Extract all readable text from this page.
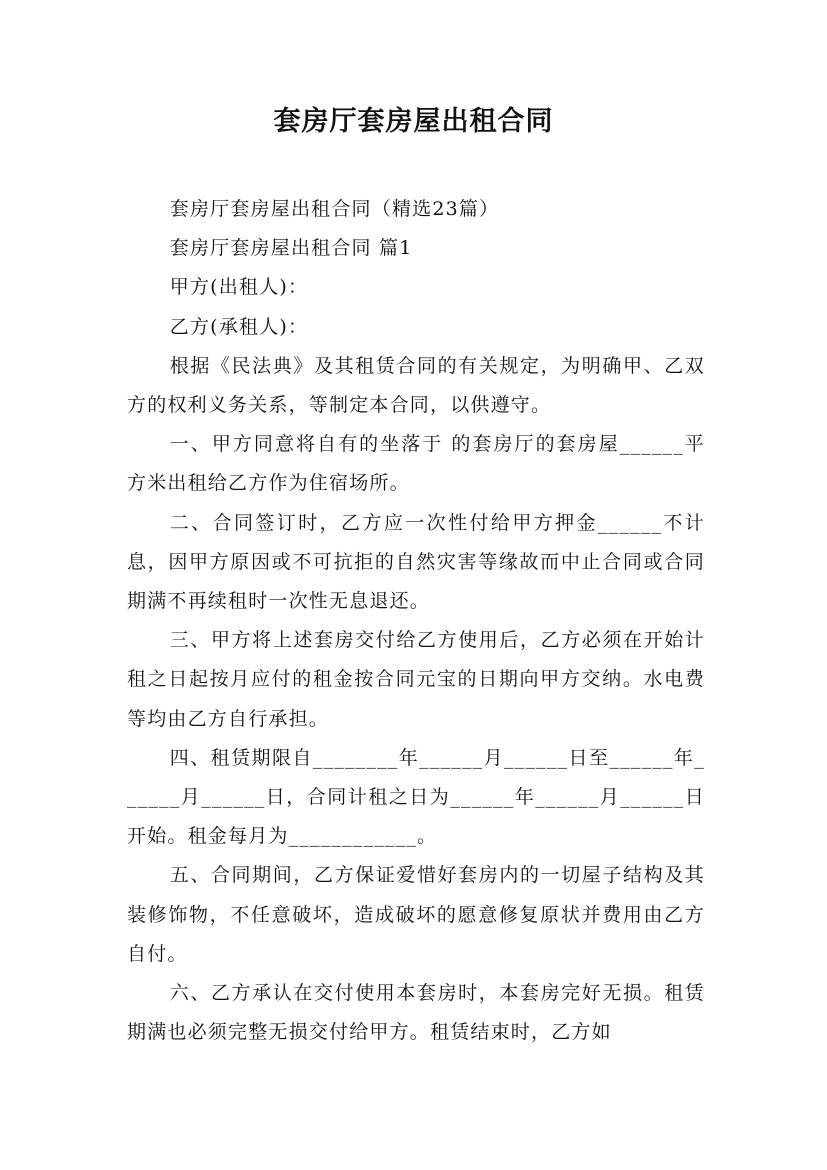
套房厅套房屋出租合同

套房厅套房屋出租合同（精选23篇）

套房厅套房屋出租合同 篇1

甲方(出租人)：

乙方(承租人)：

根据《民法典》及其租赁合同的有关规定，为明确甲、乙双方的权利义务关系，等制定本合同，以供遵守。

一、甲方同意将自有的坐落于 的套房厅的套房屋______平方米出租给乙方作为住宿场所。

二、合同签订时，乙方应一次性付给甲方押金______不计息，因甲方原因或不可抗拒的自然灾害等缘故而中止合同或合同期满不再续租时一次性无息退还。

三、甲方将上述套房交付给乙方使用后，乙方必须在开始计租之日起按月应付的租金按合同元宝的日期向甲方交纳。水电费等均由乙方自行承担。

四、租赁期限自________年______月______日至______年______月______日，合同计租之日为______年______月______日开始。租金每月为____________。

五、合同期间，乙方保证爱惜好套房内的一切屋子结构及其装修饰物，不任意破坏，造成破坏的愿意修复原状并费用由乙方自付。

六、乙方承认在交付使用本套房时，本套房完好无损。租赁期满也必须完整无损交付给甲方。租赁结束时，乙方如
